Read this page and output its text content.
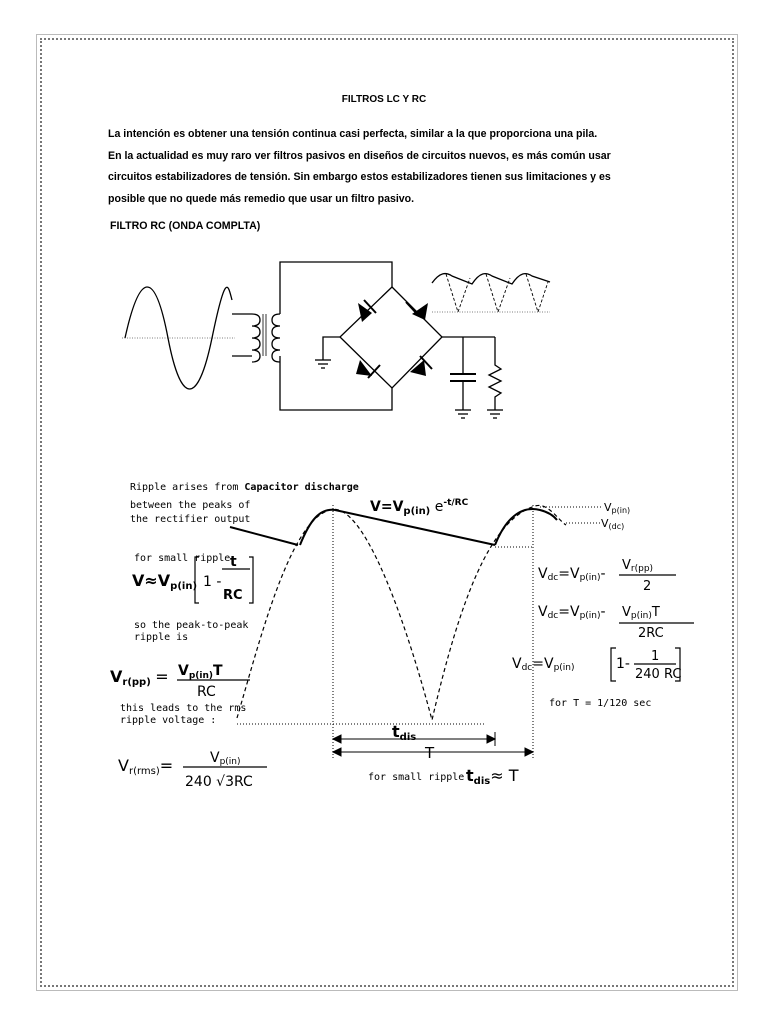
FILTROS LC Y RC
La intención es obtener una tensión continua casi perfecta, similar a la que proporciona una pila.
En la actualidad es muy raro ver filtros pasivos en diseños de circuitos nuevos, es más común usar
circuitos estabilizadores de tensión. Sin embargo estos estabilizadores tienen sus limitaciones y es
posible que no quede más remedio que usar un filtro pasivo.
FILTRO RC (ONDA COMPLTA)
Ripple arises from Capacitor discharge
between the peaks of
the rectifier output
for small ripple
so the peak-to-peak
ripple is
this leads to the rms
ripple voltage :
for T = 1/120 sec
for small ripple
$V=V_{p(in)}$ $e^{-t/RC}$	Vp(in)
V(dc)
V≈Vp(in) 1 -
t
RC
$Vr(pp) = V_{p(in)}T$
RC
Vr(rms)=	Vp(in)
240 √3RC
Vdc=Vp(in)-
Vr(pp)
2
Vdc=Vp(in)- Vp(in)T
2RC
Vdc=Vp(in)	1- 1
240 RC
tdis
T
tdis≈ T
